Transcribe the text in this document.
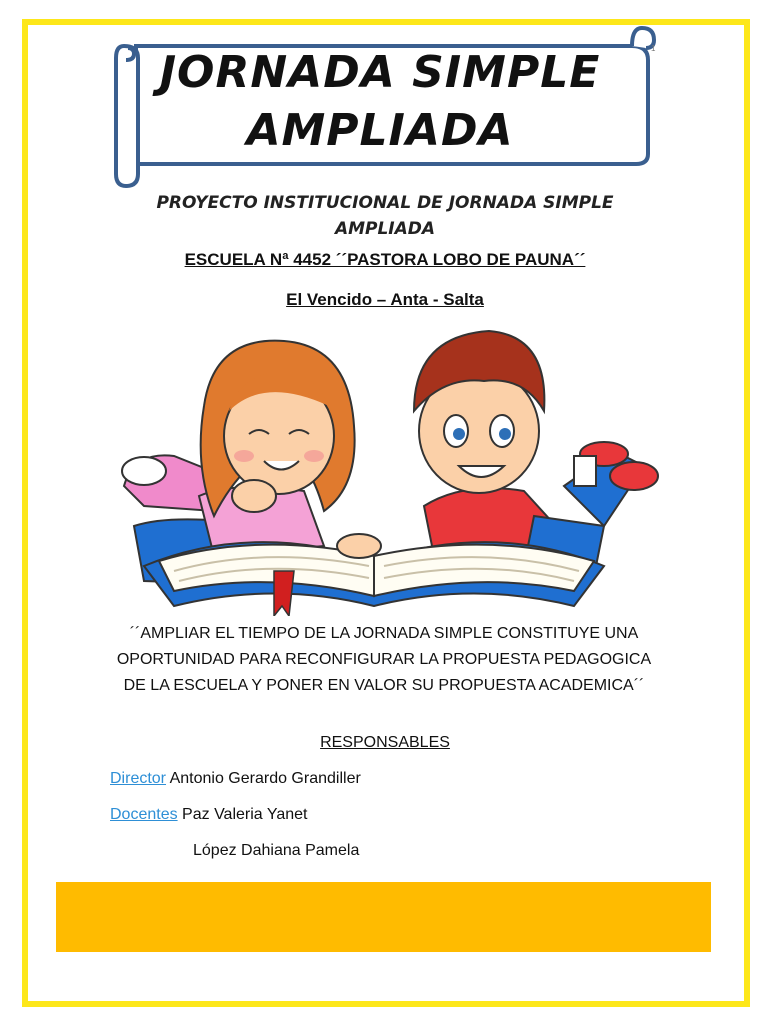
1
JORNADA SIMPLE
AMPLIADA
PROYECTO INSTITUCIONAL DE JORNADA SIMPLE AMPLIADA
ESCUELA Nª 4452 ´´PASTORA LOBO DE PAUNA´´
El Vencido – Anta - Salta
´´AMPLIAR EL TIEMPO DE LA JORNADA SIMPLE CONSTITUYE UNA OPORTUNIDAD PARA RECONFIGURAR LA PROPUESTA PEDAGOGICA DE LA ESCUELA Y PONER EN VALOR SU PROPUESTA ACADEMICA´´
RESPONSABLES
Director Antonio Gerardo Grandiller
Docentes Paz Valeria Yanet
López Dahiana Pamela
